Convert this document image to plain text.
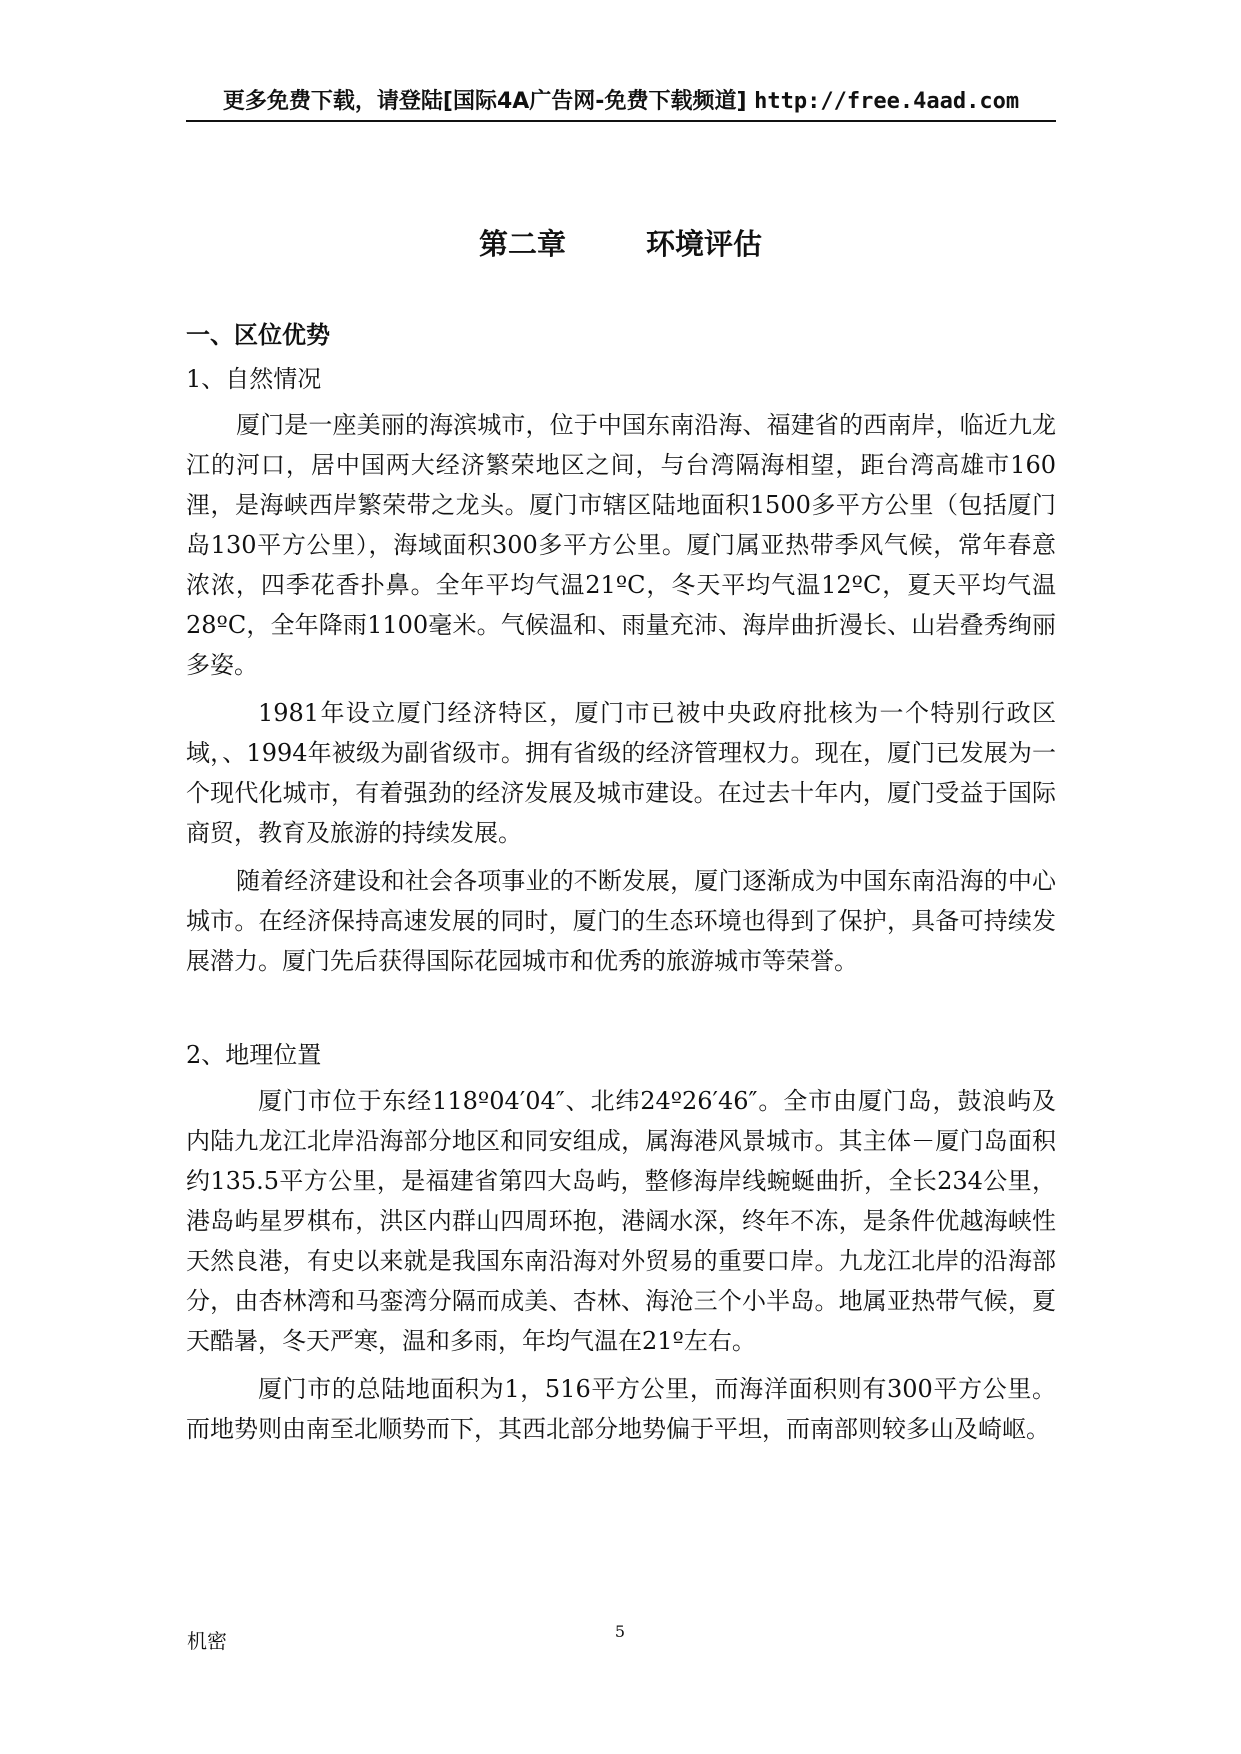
更多免费下载，请登陆[国际4A广告网-免费下载频道] http://free.4aad.com
第二章	环境评估

一、区位优势

1、自然情况

厦门是一座美丽的海滨城市，位于中国东南沿海、福建省的西南岸，临近九龙江的河口，居中国两大经济繁荣地区之间，与台湾隔海相望，距台湾高雄市160浬，是海峡西岸繁荣带之龙头。厦门市辖区陆地面积1500多平方公里（包括厦门岛130平方公里），海域面积300多平方公里。厦门属亚热带季风气候，常年春意浓浓，四季花香扑鼻。全年平均气温21ºC，冬天平均气温12ºC，夏天平均气温28ºC，全年降雨1100毫米。气候温和、雨量充沛、海岸曲折漫长、山岩叠秀绚丽多姿。

1981年设立厦门经济特区，厦门市已被中央政府批核为一个特别行政区域，、1994年被级为副省级市。拥有省级的经济管理权力。现在，厦门已发展为一个现代化城市，有着强劲的经济发展及城市建设。在过去十年内，厦门受益于国际商贸，教育及旅游的持续发展。

随着经济建设和社会各项事业的不断发展，厦门逐渐成为中国东南沿海的中心城市。在经济保持高速发展的同时，厦门的生态环境也得到了保护，具备可持续发展潜力。厦门先后获得国际花园城市和优秀的旅游城市等荣誉。

2、地理位置

厦门市位于东经118º04′04″、北纬24º26′46″。全市由厦门岛，鼓浪屿及内陆九龙江北岸沿海部分地区和同安组成，属海港风景城市。其主体－厦门岛面积约135.5平方公里，是福建省第四大岛屿，整修海岸线蜿蜒曲折，全长234公里，港岛屿星罗棋布，洪区内群山四周环抱，港阔水深，终年不冻，是条件优越海峡性天然良港，有史以来就是我国东南沿海对外贸易的重要口岸。九龙江北岸的沿海部分，由杏林湾和马銮湾分隔而成美、杏林、海沧三个小半岛。地属亚热带气候，夏天酷暑，冬天严寒，温和多雨，年均气温在21º左右。

厦门市的总陆地面积为1，516平方公里，而海洋面积则有300平方公里。而地势则由南至北顺势而下，其西北部分地势偏于平坦，而南部则较多山及崎岖。

机密	5
